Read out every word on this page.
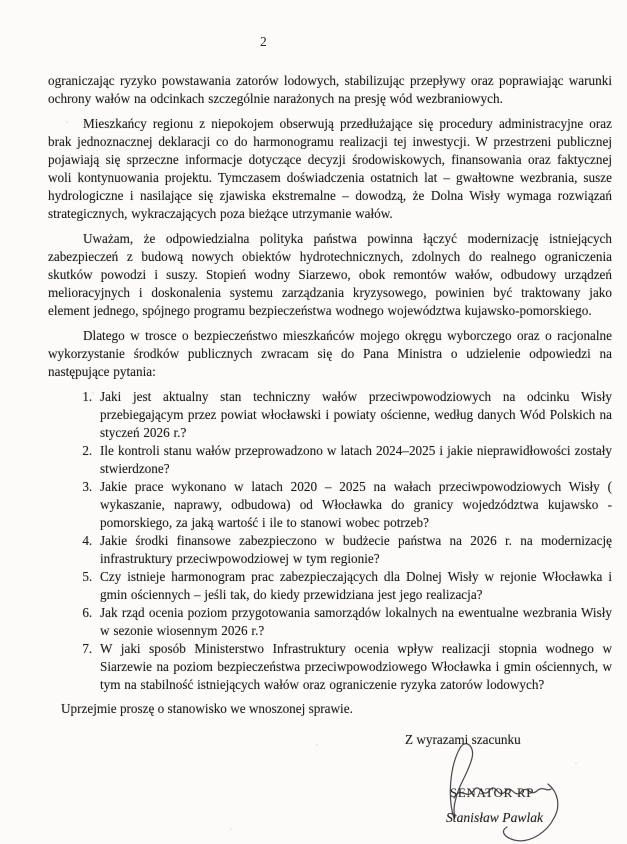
2

ograniczając ryzyko powstawania zatorów lodowych, stabilizując przepływy oraz poprawiając warunki ochrony wałów na odcinkach szczególnie narażonych na presję wód wezbraniowych.

Mieszkańcy regionu z niepokojem obserwują przedłużające się procedury administracyjne oraz brak jednoznacznej deklaracji co do harmonogramu realizacji tej inwestycji. W przestrzeni publicznej pojawiają się sprzeczne informacje dotyczące decyzji środowiskowych, finansowania oraz faktycznej woli kontynuowania projektu. Tymczasem doświadczenia ostatnich lat – gwałtowne wezbrania, susze hydrologiczne i nasilające się zjawiska ekstremalne – dowodzą, że Dolna Wisły wymaga rozwiązań strategicznych, wykraczających poza bieżące utrzymanie wałów.

Uważam, że odpowiedzialna polityka państwa powinna łączyć modernizację istniejących zabezpieczeń z budową nowych obiektów hydrotechnicznych, zdolnych do realnego ograniczenia skutków powodzi i suszy. Stopień wodny Siarzewo, obok remontów wałów, odbudowy urządzeń melioracyjnych i doskonalenia systemu zarządzania kryzysowego, powinien być traktowany jako element jednego, spójnego programu bezpieczeństwa wodnego województwa kujawsko-pomorskiego.

Dlatego w trosce o bezpieczeństwo mieszkańców mojego okręgu wyborczego oraz o racjonalne wykorzystanie środków publicznych zwracam się do Pana Ministra o udzielenie odpowiedzi na następujące pytania:

1. Jaki jest aktualny stan techniczny wałów przeciwpowodziowych na odcinku Wisły przebiegającym przez powiat włocławski i powiaty ościenne, według danych Wód Polskich na styczeń 2026 r.?
2. Ile kontroli stanu wałów przeprowadzono w latach 2024–2025 i jakie nieprawidłowości zostały stwierdzone?
3. Jakie prace wykonano w latach 2020 – 2025 na wałach przeciwpowodziowych Wisły ( wykaszanie, naprawy, odbudowa) od Włocławka do granicy wojedzództwa kujawsko - pomorskiego, za jaką wartość i ile to stanowi wobec potrzeb?
4. Jakie środki finansowe zabezpieczono w budżecie państwa na 2026 r. na modernizację infrastruktury przeciwpowodziowej w tym regionie?
5. Czy istnieje harmonogram prac zabezpieczających dla Dolnej Wisły w rejonie Włocławka i gmin ościennych – jeśli tak, do kiedy przewidziana jest jego realizacja?
6. Jak rząd ocenia poziom przygotowania samorządów lokalnych na ewentualne wezbrania Wisły w sezonie wiosennym 2026 r.?
7. W jaki sposób Ministerstwo Infrastruktury ocenia wpływ realizacji stopnia wodnego w Siarzewie na poziom bezpieczeństwa przeciwpowodziowego Włocławka i gmin ościennych, w tym na stabilność istniejących wałów oraz ograniczenie ryzyka zatorów lodowych?

Uprzejmie proszę o stanowisko we wnoszonej sprawie.

Z wyrazami szacunku
SENATOR RP
Stanisław Pawlak
